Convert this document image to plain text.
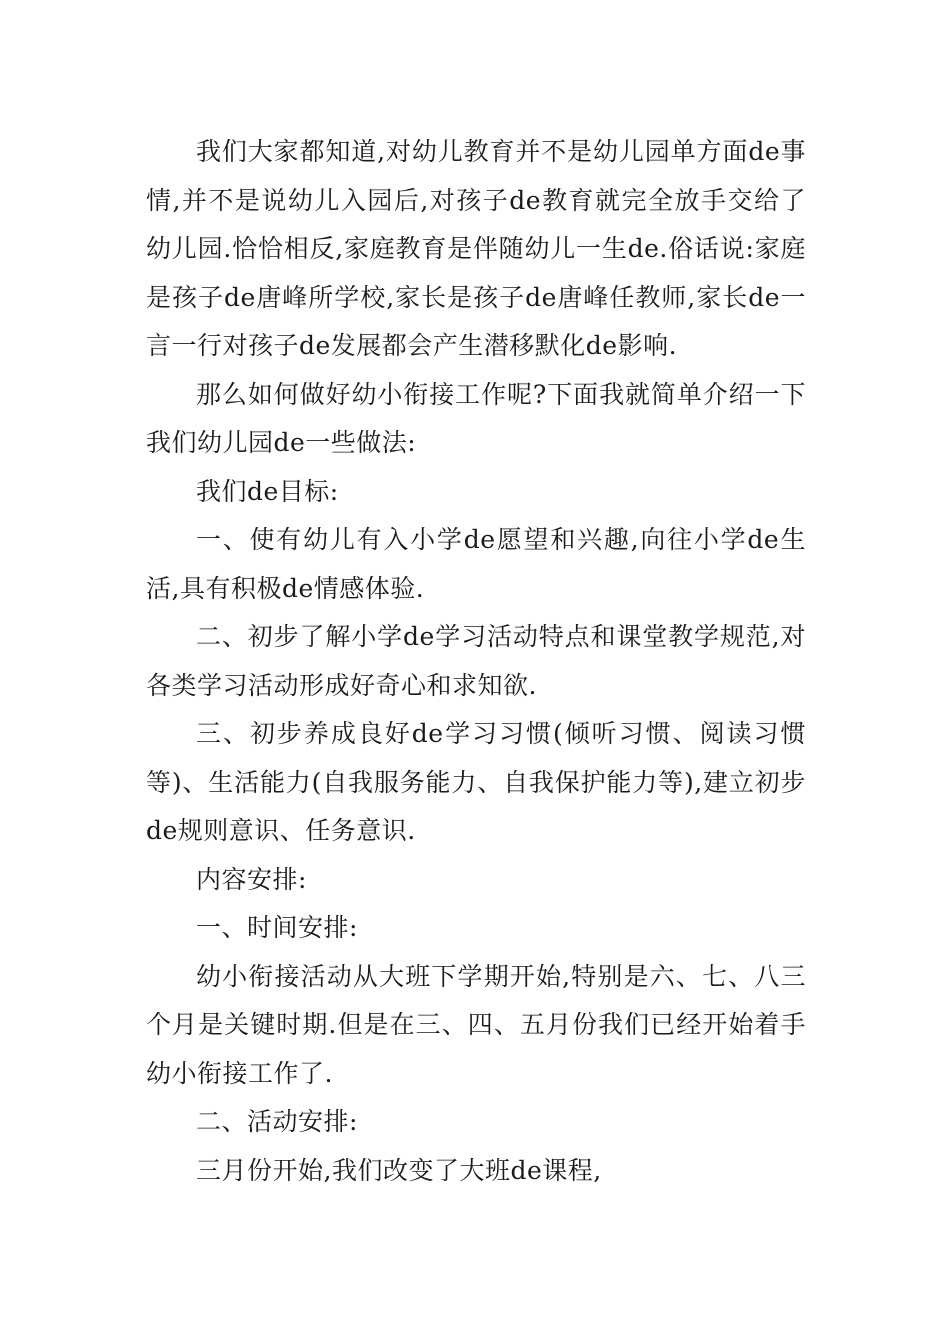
我们大家都知道,对幼儿教育并不是幼儿园单方面de事情,并不是说幼儿入园后,对孩子de教育就完全放手交给了幼儿园.恰恰相反,家庭教育是伴随幼儿一生de.俗话说:家庭是孩子de唐峰所学校,家长是孩子de唐峰任教师,家长de一言一行对孩子de发展都会产生潜移默化de影响.

那么如何做好幼小衔接工作呢?下面我就简单介绍一下我们幼儿园de一些做法:

我们de目标:

一、使有幼儿有入小学de愿望和兴趣,向往小学de生活,具有积极de情感体验.

二、初步了解小学de学习活动特点和课堂教学规范,对各类学习活动形成好奇心和求知欲.

三、初步养成良好de学习习惯(倾听习惯、阅读习惯等)、生活能力(自我服务能力、自我保护能力等),建立初步de规则意识、任务意识.

内容安排:

一、时间安排:

幼小衔接活动从大班下学期开始,特别是六、七、八三个月是关键时期.但是在三、四、五月份我们已经开始着手幼小衔接工作了.

二、活动安排:

三月份开始,我们改变了大班de课程,
